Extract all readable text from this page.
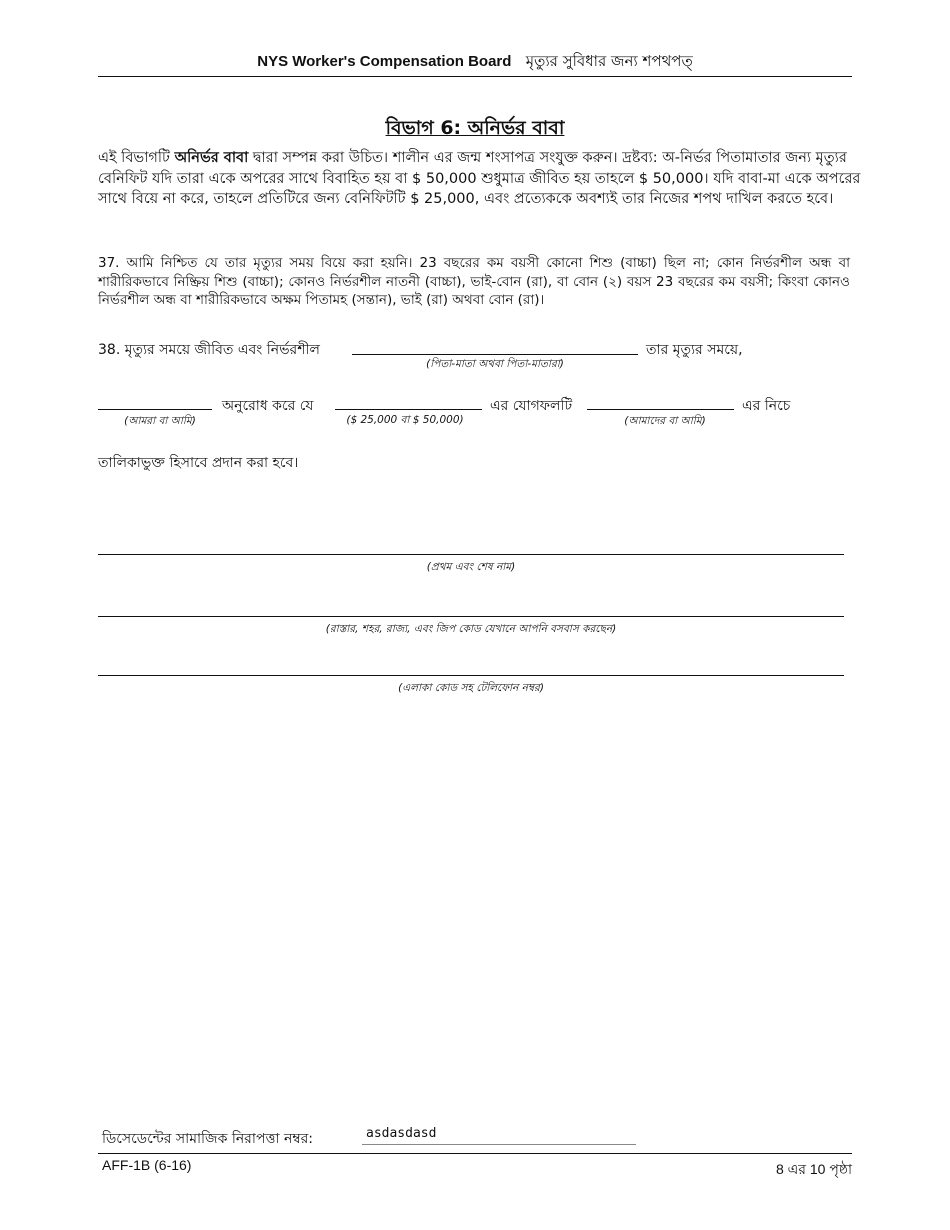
NYS Worker's Compensation Board মৃত্যুর সুবিধার জন্য শপথপত্
বিভাগ 6: অনির্ভর বাবা
এই বিভাগটি অনির্ভর বাবা দ্বারা সম্পন্ন করা উচিত। শালীন এর জন্ম শংসাপত্র সংযুক্ত করুন। দ্রষ্টব্য: অ-নির্ভর পিতামাতার জন্য মৃত্যুর বেনিফিট যদি তারা একে অপরের সাথে বিবাহিত হয় বা $ 50,000 শুধুমাত্র জীবিত হয় তাহলে $ 50,000। যদি বাবা-মা একে অপরের সাথে বিয়ে না করে, তাহলে প্রতিটিরে জন্য বেনিফিটটি $ 25,000, এবং প্রত্যেককে অবশ্যই তার নিজের শপথ দাখিল করতে হবে।
37. আমি নিশ্চিত যে তার মৃত্যুর সময় বিয়ে করা হয়নি। 23 বছরের কম বয়সী কোনো শিশু (বাচ্চা) ছিল না; কোন নির্ভরশীল অন্ধ বা শারীরিকভাবে নিষ্ক্রিয় শিশু (বাচ্চা); কোনও নির্ভরশীল নাতনী (বাচ্চা), ভাই-বোন (রা), বা বোন (২) বয়স 23 বছরের কম বয়সী; কিংবা কোনও নির্ভরশীল অন্ধ বা শারীরিকভাবে অক্ষম পিতামহ (সন্তান), ভাই (রা) অথবা বোন (রা)।
38. মৃত্যুর সময়ে জীবিত এবং নির্ভরশীল	তার মৃত্যুর সময়ে,
(পিতা-মাতা অথবা পিতা-মাতারা)
(আমরা বা আমি)
অনুরোধ করে যে
($ 25,000 বা $ 50,000)
এর যোগফলটি
(আমাদের বা আমি)
এর নিচে
তালিকাভুক্ত হিসাবে প্রদান করা হবে।
(প্রথম এবং শেষ নাম)
(রাস্তার, শহর, রাজ্য, এবং জিপ কোড যেখানে আপনি বসবাস করছেন)
(এলাকা কোড সহ টেলিফোন নম্বর)
ডিসেডেন্টের সামাজিক নিরাপত্তা নম্বর:	asdasdasd
AFF-1B (6-16)	8 এর 10 পৃষ্ঠা
